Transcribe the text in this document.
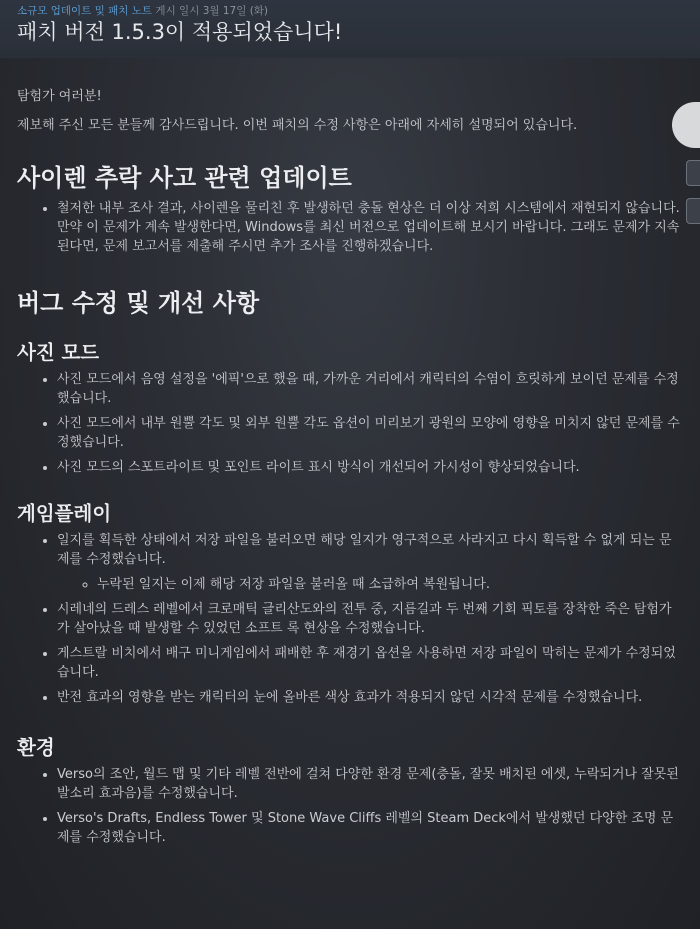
소규모 업데이트 및 패치 노트 게시 일시 3월 17일 (화)
패치 버전 1.5.3이 적용되었습니다!

탐험가 여러분!

제보해 주신 모든 분들께 감사드립니다. 이번 패치의 수정 사항은 아래에 자세히 설명되어 있습니다.

사이렌 추락 사고 관련 업데이트
• 철저한 내부 조사 결과, 사이렌을 물리친 후 발생하던 충돌 현상은 더 이상 저희 시스템에서 재현되지 않습니다. 만약 이 문제가 계속 발생한다면, Windows를 최신 버전으로 업데이트해 보시기 바랍니다. 그래도 문제가 지속된다면, 문제 보고서를 제출해 주시면 추가 조사를 진행하겠습니다.
버그 수정 및 개선 사항
사진 모드
• 사진 모드에서 음영 설정을 '에픽'으로 했을 때, 가까운 거리에서 캐릭터의 수염이 흐릿하게 보이던 문제를 수정했습니다.
• 사진 모드에서 내부 원뿔 각도 및 외부 원뿔 각도 옵션이 미리보기 광원의 모양에 영향을 미치지 않던 문제를 수정했습니다.
• 사진 모드의 스포트라이트 및 포인트 라이트 표시 방식이 개선되어 가시성이 향상되었습니다.
게임플레이
• 일지를 획득한 상태에서 저장 파일을 불러오면 해당 일지가 영구적으로 사라지고 다시 획득할 수 없게 되는 문제를 수정했습니다.
◦ 누락된 일지는 이제 해당 저장 파일을 불러올 때 소급하여 복원됩니다.
• 시레네의 드레스 레벨에서 크로매틱 글리산도와의 전투 중, 지름길과 두 번째 기회 픽토를 장착한 죽은 탐험가가 살아났을 때 발생할 수 있었던 소프트 록 현상을 수정했습니다.
• 게스트랄 비치에서 배구 미니게임에서 패배한 후 재경기 옵션을 사용하면 저장 파일이 막히는 문제가 수정되었습니다.
• 반전 효과의 영향을 받는 캐릭터의 눈에 올바른 색상 효과가 적용되지 않던 시각적 문제를 수정했습니다.
환경
• Verso의 조안, 월드 맵 및 기타 레벨 전반에 걸쳐 다양한 환경 문제(충돌, 잘못 배치된 에셋, 누락되거나 잘못된 발소리 효과음)를 수정했습니다.
• Verso's Drafts, Endless Tower 및 Stone Wave Cliffs 레벨의 Steam Deck에서 발생했던 다양한 조명 문제를 수정했습니다.
